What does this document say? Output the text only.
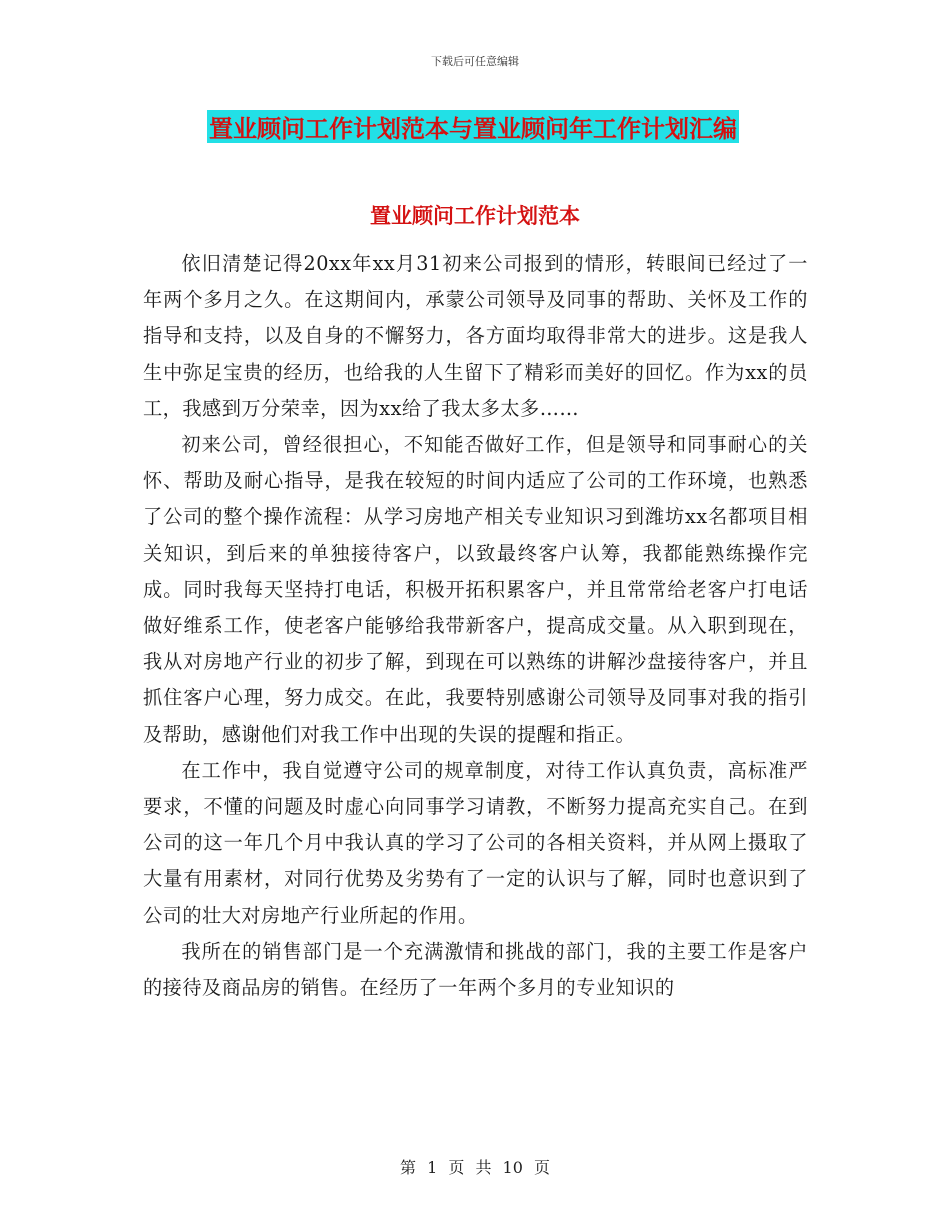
下载后可任意编辑
置业顾问工作计划范本与置业顾问年工作计划汇编
置业顾问工作计划范本

依旧清楚记得20xx年xx月31初来公司报到的情形，转眼间已经过了一年两个多月之久。在这期间内，承蒙公司领导及同事的帮助、关怀及工作的指导和支持，以及自身的不懈努力，各方面均取得非常大的进步。这是我人生中弥足宝贵的经历，也给我的人生留下了精彩而美好的回忆。作为xx的员工，我感到万分荣幸，因为xx给了我太多太多……

初来公司，曾经很担心，不知能否做好工作，但是领导和同事耐心的关怀、帮助及耐心指导，是我在较短的时间内适应了公司的工作环境，也熟悉了公司的整个操作流程：从学习房地产相关专业知识习到潍坊xx名都项目相关知识，到后来的单独接待客户，以致最终客户认筹，我都能熟练操作完成。同时我每天坚持打电话，积极开拓积累客户，并且常常给老客户打电话做好维系工作，使老客户能够给我带新客户，提高成交量。从入职到现在，我从对房地产行业的初步了解，到现在可以熟练的讲解沙盘接待客户，并且抓住客户心理，努力成交。在此，我要特别感谢公司领导及同事对我的指引及帮助，感谢他们对我工作中出现的失误的提醒和指正。

在工作中，我自觉遵守公司的规章制度，对待工作认真负责，高标准严要求，不懂的问题及时虚心向同事学习请教，不断努力提高充实自己。在到公司的这一年几个月中我认真的学习了公司的各相关资料，并从网上摄取了大量有用素材，对同行优势及劣势有了一定的认识与了解，同时也意识到了公司的壮大对房地产行业所起的作用。

我所在的销售部门是一个充满激情和挑战的部门，我的主要工作是客户的接待及商品房的销售。在经历了一年两个多月的专业知识的

第 1 页 共 10 页
